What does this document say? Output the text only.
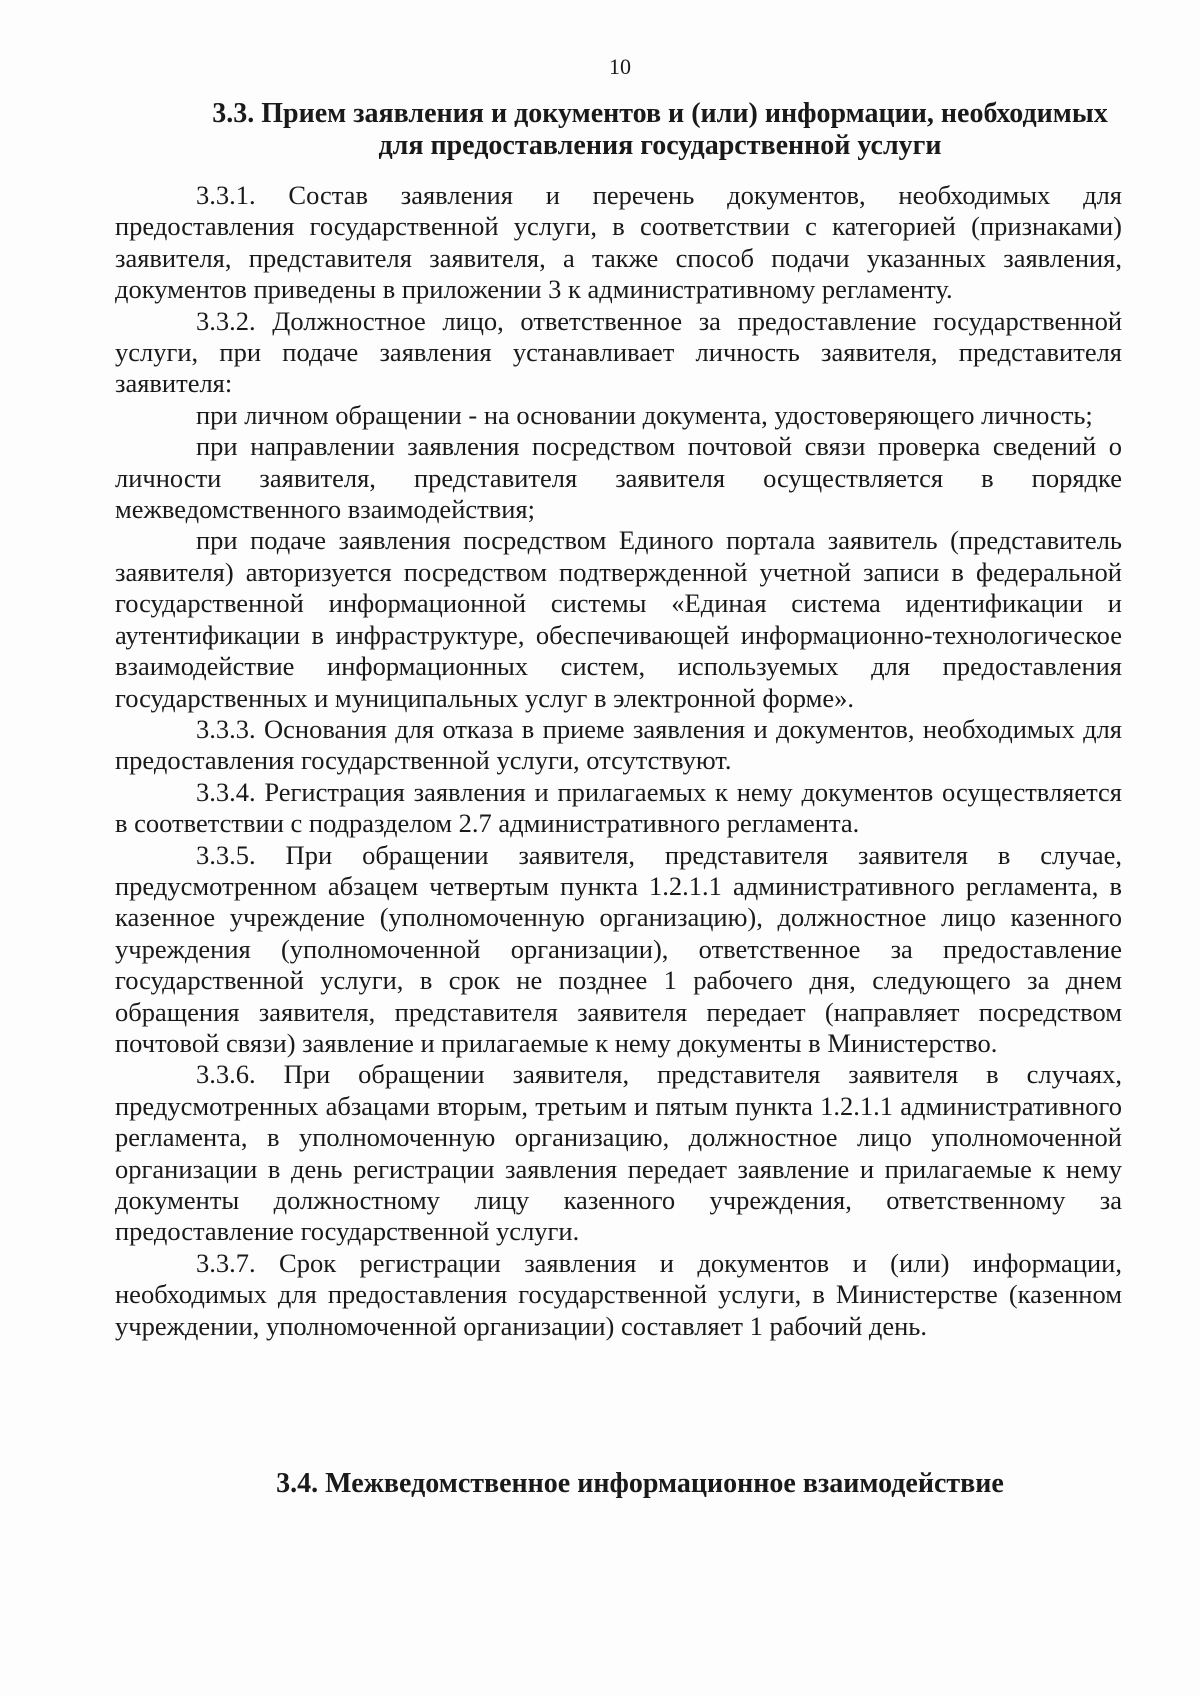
10
3.3. Прием заявления и документов и (или) информации, необходимых для предоставления государственной услуги

3.3.1. Состав заявления и перечень документов, необходимых для предоставления государственной услуги, в соответствии с категорией (признаками) заявителя, представителя заявителя, а также способ подачи указанных заявления, документов приведены в приложении 3 к административному регламенту.

3.3.2. Должностное лицо, ответственное за предоставление государственной услуги, при подаче заявления устанавливает личность заявителя, представителя заявителя:

при личном обращении - на основании документа, удостоверяющего личность;

при направлении заявления посредством почтовой связи проверка сведений о личности заявителя, представителя заявителя осуществляется в порядке межведомственного взаимодействия;

при подаче заявления посредством Единого портала заявитель (представитель заявителя) авторизуется посредством подтвержденной учетной записи в федеральной государственной информационной системы «Единая система идентификации и аутентификации в инфраструктуре, обеспечивающей информационно-технологическое взаимодействие информационных систем, используемых для предоставления государственных и муниципальных услуг в электронной форме».

3.3.3. Основания для отказа в приеме заявления и документов, необходимых для предоставления государственной услуги, отсутствуют.

3.3.4. Регистрация заявления и прилагаемых к нему документов осуществляется в соответствии с подразделом 2.7 административного регламента.

3.3.5. При обращении заявителя, представителя заявителя в случае, предусмотренном абзацем четвертым пункта 1.2.1.1 административного регламента, в казенное учреждение (уполномоченную организацию), должностное лицо казенного учреждения (уполномоченной организации), ответственное за предоставление государственной услуги, в срок не позднее 1 рабочего дня, следующего за днем обращения заявителя, представителя заявителя передает (направляет посредством почтовой связи) заявление и прилагаемые к нему документы в Министерство.

3.3.6. При обращении заявителя, представителя заявителя в случаях, предусмотренных абзацами вторым, третьим и пятым пункта 1.2.1.1 административного регламента, в уполномоченную организацию, должностное лицо уполномоченной организации в день регистрации заявления передает заявление и прилагаемые к нему документы должностному лицу казенного учреждения, ответственному за предоставление государственной услуги.

3.3.7. Срок регистрации заявления и документов и (или) информации, необходимых для предоставления государственной услуги, в Министерстве (казенном учреждении, уполномоченной организации) составляет 1 рабочий день.

3.4. Межведомственное информационное взаимодействие
